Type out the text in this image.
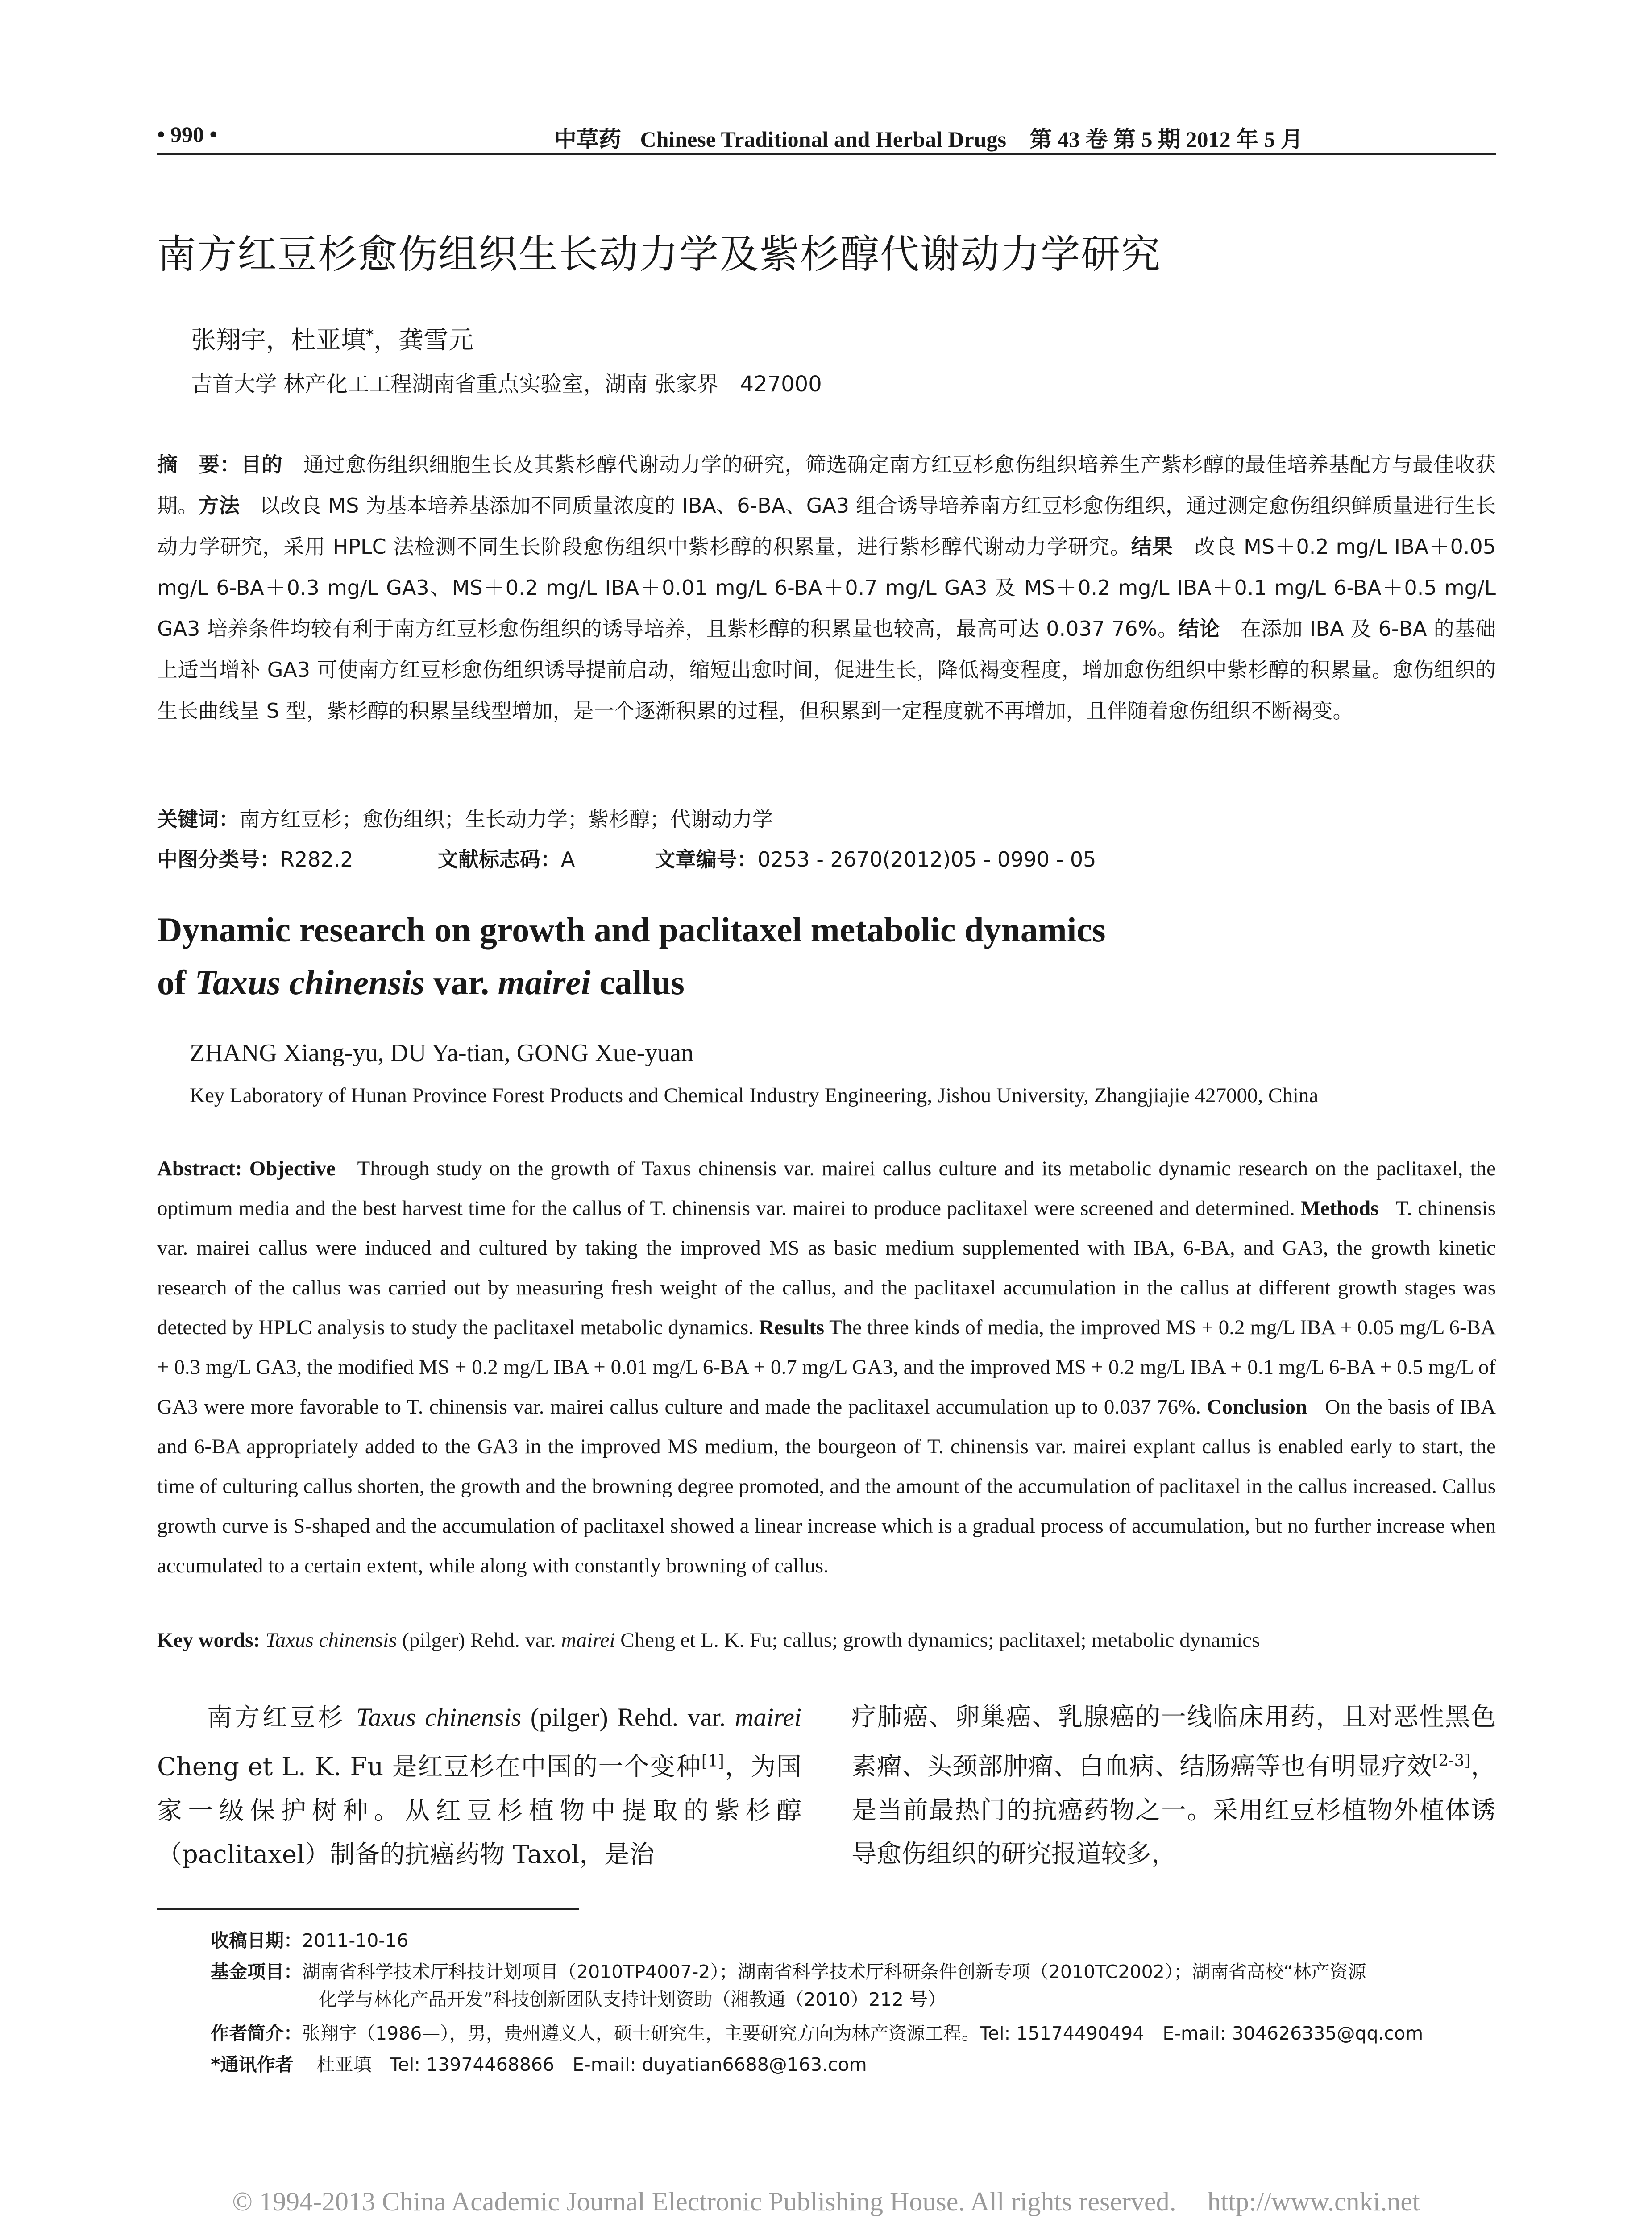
• 990 •	中草药 Chinese Traditional and Herbal Drugs 第 43 卷 第 5 期 2012 年 5 月
南方红豆杉愈伤组织生长动力学及紫杉醇代谢动力学研究
张翔宇，杜亚填*，龚雪元
吉首大学 林产化工工程湖南省重点实验室，湖南 张家界　427000
摘　要：目的 通过愈伤组织细胞生长及其紫杉醇代谢动力学的研究，筛选确定南方红豆杉愈伤组织培养生产紫杉醇的最佳培养基配方与最佳收获期。方法 以改良 MS 为基本培养基添加不同质量浓度的 IBA、6-BA、GA3 组合诱导培养南方红豆杉愈伤组织，通过测定愈伤组织鲜质量进行生长动力学研究，采用 HPLC 法检测不同生长阶段愈伤组织中紫杉醇的积累量，进行紫杉醇代谢动力学研究。结果 改良 MS＋0.2 mg/L IBA＋0.05 mg/L 6-BA＋0.3 mg/L GA3、MS＋0.2 mg/L IBA＋0.01 mg/L 6-BA＋0.7 mg/L GA3 及 MS＋0.2 mg/L IBA＋0.1 mg/L 6-BA＋0.5 mg/L GA3 培养条件均较有利于南方红豆杉愈伤组织的诱导培养，且紫杉醇的积累量也较高，最高可达 0.037 76%。结论 在添加 IBA 及 6-BA 的基础上适当增补 GA3 可使南方红豆杉愈伤组织诱导提前启动，缩短出愈时间，促进生长，降低褐变程度，增加愈伤组织中紫杉醇的积累量。愈伤组织的生长曲线呈 S 型，紫杉醇的积累呈线型增加，是一个逐渐积累的过程，但积累到一定程度就不再增加，且伴随着愈伤组织不断褐变。
关键词：南方红豆杉；愈伤组织；生长动力学；紫杉醇；代谢动力学
中图分类号：R282.2	文献标志码：A	文章编号：0253 - 2670(2012)05 - 0990 - 05
Dynamic research on growth and paclitaxel metabolic dynamics
of Taxus chinensis var. mairei callus
ZHANG Xiang-yu, DU Ya-tian, GONG Xue-yuan
Key Laboratory of Hunan Province Forest Products and Chemical Industry Engineering, Jishou University, Zhangjiajie 427000, China
Abstract: Objective Through study on the growth of Taxus chinensis var. mairei callus culture and its metabolic dynamic research on the paclitaxel, the optimum media and the best harvest time for the callus of T. chinensis var. mairei to produce paclitaxel were screened and determined. Methods T. chinensis var. mairei callus were induced and cultured by taking the improved MS as basic medium supplemented with IBA, 6-BA, and GA3, the growth kinetic research of the callus was carried out by measuring fresh weight of the callus, and the paclitaxel accumulation in the callus at different growth stages was detected by HPLC analysis to study the paclitaxel metabolic dynamics. Results The three kinds of media, the improved MS + 0.2 mg/L IBA + 0.05 mg/L 6-BA + 0.3 mg/L GA3, the modified MS + 0.2 mg/L IBA + 0.01 mg/L 6-BA + 0.7 mg/L GA3, and the improved MS + 0.2 mg/L IBA + 0.1 mg/L 6-BA + 0.5 mg/L of GA3 were more favorable to T. chinensis var. mairei callus culture and made the paclitaxel accumulation up to 0.037 76%. Conclusion On the basis of IBA and 6-BA appropriately added to the GA3 in the improved MS medium, the bourgeon of T. chinensis var. mairei explant callus is enabled early to start, the time of culturing callus shorten, the growth and the browning degree promoted, and the amount of the accumulation of paclitaxel in the callus increased. Callus growth curve is S-shaped and the accumulation of paclitaxel showed a linear increase which is a gradual process of accumulation, but no further increase when accumulated to a certain extent, while along with constantly browning of callus.
Key words: Taxus chinensis (pilger) Rehd. var. mairei Cheng et L. K. Fu; callus; growth dynamics; paclitaxel; metabolic dynamics
南方红豆杉 Taxus chinensis (pilger) Rehd. var. mairei Cheng et L. K. Fu 是红豆杉在中国的一个变种[1]，为国家一级保护树种。从红豆杉植物中提取的紫杉醇（paclitaxel）制备的抗癌药物 Taxol，是治
疗肺癌、卵巢癌、乳腺癌的一线临床用药，且对恶性黑色素瘤、头颈部肿瘤、白血病、结肠癌等也有明显疗效[2-3]，是当前最热门的抗癌药物之一。采用红豆杉植物外植体诱导愈伤组织的研究报道较多，
收稿日期：2011-10-16
基金项目：湖南省科学技术厅科技计划项目（2010TP4007-2）；湖南省科学技术厅科研条件创新专项（2010TC2002）；湖南省高校“林产资源
化学与林化产品开发”科技创新团队支持计划资助（湘教通（2010）212 号）
作者简介：张翔宇（1986—），男，贵州遵义人，硕士研究生，主要研究方向为林产资源工程。Tel: 15174490494　E-mail: 304626335@qq.com
*通讯作者 杜亚填　Tel: 13974468866　E-mail: duyatian6688@163.com
© 1994-2013 China Academic Journal Electronic Publishing House. All rights reserved. http://www.cnki.net
